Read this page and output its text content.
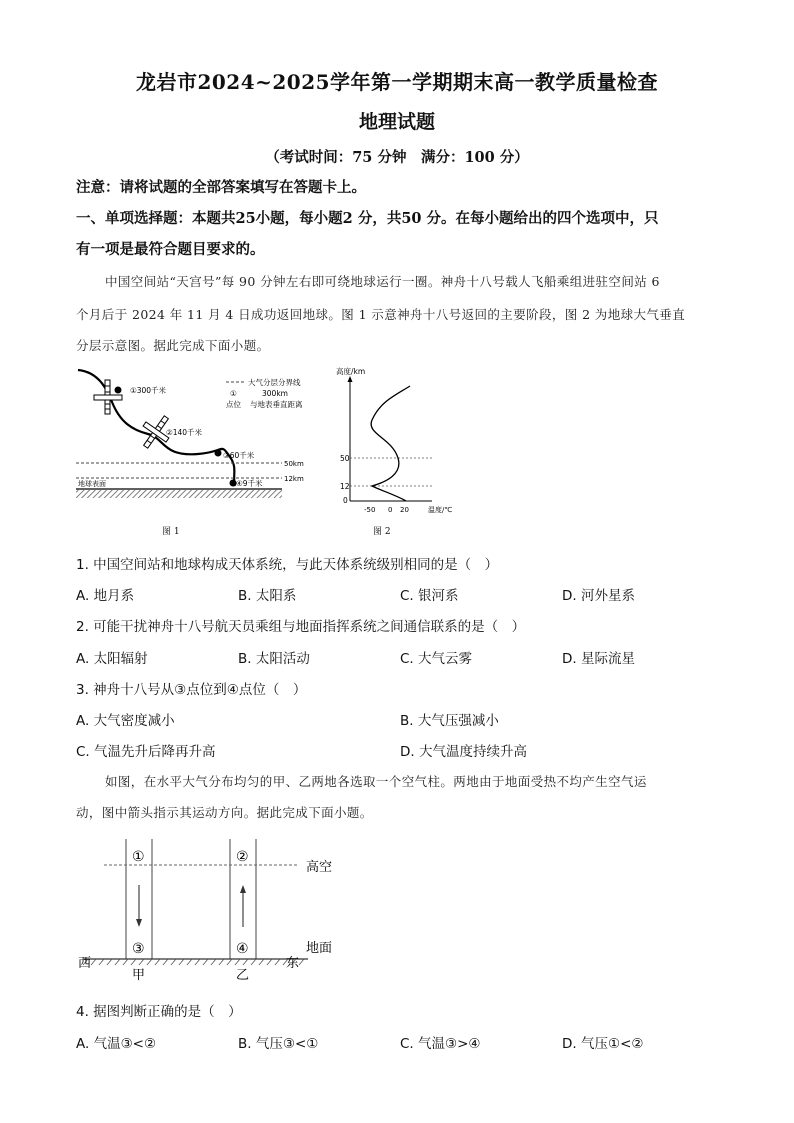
龙岩市2024~2025学年第一学期期末高一教学质量检查
地理试题
（考试时间：75 分钟　满分：100 分）
注意：请将试题的全部答案填写在答题卡上。
一、单项选择题：本题共25小题，每小题2 分，共50 分。在每小题给出的四个选项中，只
有一项是最符合题目要求的。
中国空间站“天宫号”每 90 分钟左右即可绕地球运行一圈。神舟十八号载人飞船乘组进驻空间站 6
个月后于 2024 年 11 月 4 日成功返回地球。图 1 示意神舟十八号返回的主要阶段，图 2 为地球大气垂直
分层示意图。据此完成下面小题。
①300千米
②140千米
③60千米
④9千米
50km
12km
地球表面
大气分层分界线
①	300km
点位 与地表垂直距离
图 1
高度/km
50
12
0
-50 0 20	温度/℃
图 2
1. 中国空间站和地球构成天体系统，与此天体系统级别相同的是（　）
A. 地月系	B. 太阳系	C. 银河系	D. 河外星系
2. 可能干扰神舟十八号航天员乘组与地面指挥系统之间通信联系的是（　）
A. 太阳辐射	B. 太阳活动	C. 大气云雾	D. 星际流星
3. 神舟十八号从③点位到④点位（　）
A. 大气密度减小	B. 大气压强减小
C. 气温先升后降再升高	D. 大气温度持续升高
如图，在水平大气分布均匀的甲、乙两地各选取一个空气柱。两地由于地面受热不均产生空气运
动，图中箭头指示其运动方向。据此完成下面小题。
①	②
③	④
高空
地面
西	东
甲	乙
4. 据图判断正确的是（　）
A. 气温③<②	B. 气压③<①	C. 气温③>④	D. 气压①<②
